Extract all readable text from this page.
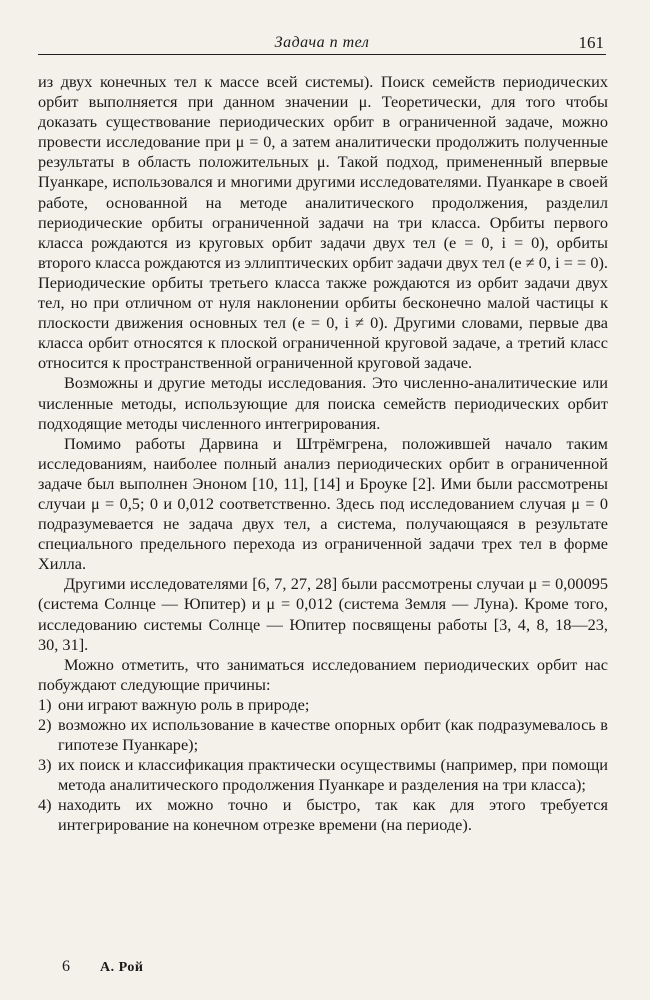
Задача п тел	161

из двух конечных тел к массе всей системы). Поиск семейств периодических орбит выполняется при данном значении μ. Теоретически, для того чтобы доказать существование периодических орбит в ограниченной задаче, можно провести исследование при μ = 0, а затем аналитически продолжить полученные результаты в область положительных μ. Такой подход, примененный впервые Пуанкаре, использовался и многими другими исследователями. Пуанкаре в своей работе, основанной на методе аналитического продолжения, разделил периодические орбиты ограниченной задачи на три класса. Орбиты первого класса рождаются из круговых орбит задачи двух тел (e = 0, i = 0), орбиты второго класса рождаются из эллиптических орбит задачи двух тел (e ≠ 0, i = = 0). Периодические орбиты третьего класса также рождаются из орбит задачи двух тел, но при отличном от нуля наклонении орбиты бесконечно малой частицы к плоскости движения основных тел (e = 0, i ≠ 0). Другими словами, первые два класса орбит относятся к плоской ограниченной круговой задаче, а третий класс относится к пространственной ограниченной круговой задаче.

Возможны и другие методы исследования. Это численно-аналитические или численные методы, использующие для поиска семейств периодических орбит подходящие методы численного интегрирования.

Помимо работы Дарвина и Штрёмгрена, положившей начало таким исследованиям, наиболее полный анализ периодических орбит в ограниченной задаче был выполнен Эноном [10, 11], [14] и Броуке [2]. Ими были рассмотрены случаи μ = 0,5; 0 и 0,012 соответственно. Здесь под исследованием случая μ = 0 подразумевается не задача двух тел, а система, получающаяся в результате специального предельного перехода из ограниченной задачи трех тел в форме Хилла.

Другими исследователями [6, 7, 27, 28] были рассмотрены случаи μ = 0,00095 (система Солнце — Юпитер) и μ = 0,012 (система Земля — Луна). Кроме того, исследованию системы Солнце — Юпитер посвящены работы [3, 4, 8, 18—23, 30, 31].

Можно отметить, что заниматься исследованием периодических орбит нас побуждают следующие причины:

1) они играют важную роль в природе;
2) возможно их использование в качестве опорных орбит (как подразумевалось в гипотезе Пуанкаре);
3) их поиск и классификация практически осуществимы (например, при помощи метода аналитического продолжения Пуанкаре и разделения на три класса);
4) находить их можно точно и быстро, так как для этого требуется интегрирование на конечном отрезке времени (на периоде).
6 А. Рой
